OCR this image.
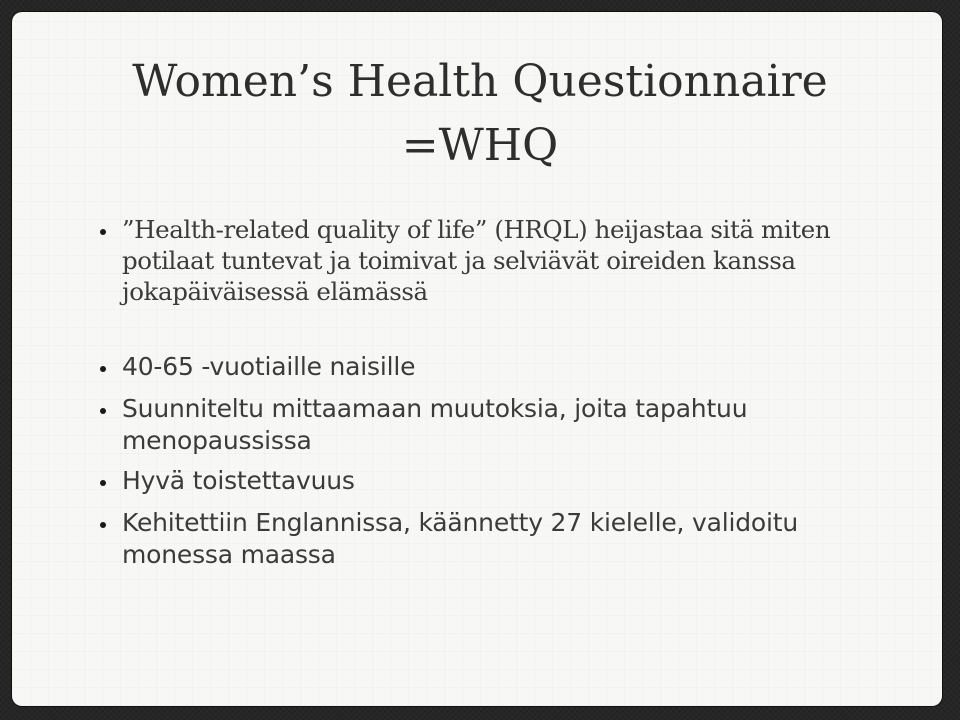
Women’s Health Questionnaire
=WHQ
”Health-related quality of life” (HRQL) heijastaa sitä miten potilaat tuntevat ja toimivat ja selviävät oireiden kanssa jokapäiväisessä elämässä
40-65 -vuotiaille naisille
Suunniteltu mittaamaan muutoksia, joita tapahtuu menopaussissa
Hyvä toistettavuus
Kehitettiin Englannissa, käännetty 27 kielelle, validoitu monessa maassa
